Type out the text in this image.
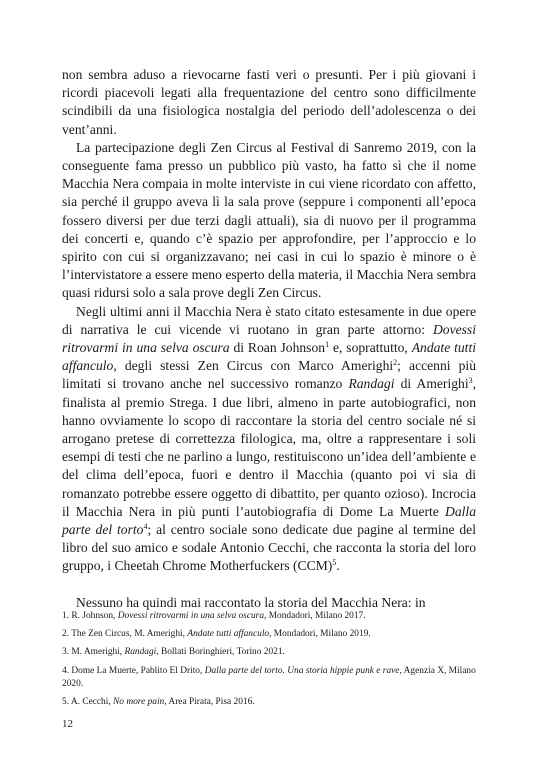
non sembra aduso a rievocarne fasti veri o presunti. Per i più giovani i ricordi piacevoli legati alla frequentazione del centro sono difficilmente scindibili da una fisiologica nostalgia del periodo dell’adolescenza o dei vent’anni.

La partecipazione degli Zen Circus al Festival di Sanremo 2019, con la conseguente fama presso un pubblico più vasto, ha fatto sì che il nome Macchia Nera compaia in molte interviste in cui viene ricordato con affetto, sia perché il gruppo aveva lì la sala prove (seppure i componenti all’epoca fossero diversi per due terzi dagli attuali), sia di nuovo per il programma dei concerti e, quando c’è spazio per approfondire, per l’approccio e lo spirito con cui si organizzavano; nei casi in cui lo spazio è minore o è l’intervistatore a essere meno esperto della materia, il Macchia Nera sembra quasi ridursi solo a sala prove degli Zen Circus.

Negli ultimi anni il Macchia Nera è stato citato estesamente in due opere di narrativa le cui vicende vi ruotano in gran parte attorno: Dovessi ritrovarmi in una selva oscura di Roan Johnson$^1$ e, soprattutto, Andate tutti affanculo, degli stessi Zen Circus con Marco Amerighi$^2$; accenni più limitati si trovano anche nel successivo romanzo Randagi di Amerighi$^3$, finalista al premio Strega. I due libri, almeno in parte autobiografici, non hanno ovviamente lo scopo di raccontare la storia del centro sociale né si arrogano pretese di correttezza filologica, ma, oltre a rappresentare i soli esempi di testi che ne parlino a lungo, restituiscono un’idea dell’ambiente e del clima dell’epoca, fuori e dentro il Macchia (quanto poi vi sia di romanzato potrebbe essere oggetto di dibattito, per quanto ozioso). Incrocia il Macchia Nera in più punti l’autobiografia di Dome La Muerte Dalla parte del torto$^4$; al centro sociale sono dedicate due pagine al termine del libro del suo amico e sodale Antonio Cecchi, che racconta la storia del loro gruppo, i Cheetah Chrome Motherfuckers (CCM)$^5$.

Nessuno ha quindi mai raccontato la storia del Macchia Nera: in

1. R. Johnson, Dovessi ritrovarmi in una selva oscura, Mondadori, Milano 2017.

2. The Zen Circus, M. Amerighi, Andate tutti affanculo, Mondadori, Milano 2019.

3. M. Amerighi, Randagi, Bollati Boringhieri, Torino 2021.

4. Dome La Muerte, Pablito El Drito, Dalla parte del torto. Una storia hippie punk e rave, Agenzia X, Milano 2020.

5. A. Cecchi, No more pain, Area Pirata, Pisa 2016.

12
